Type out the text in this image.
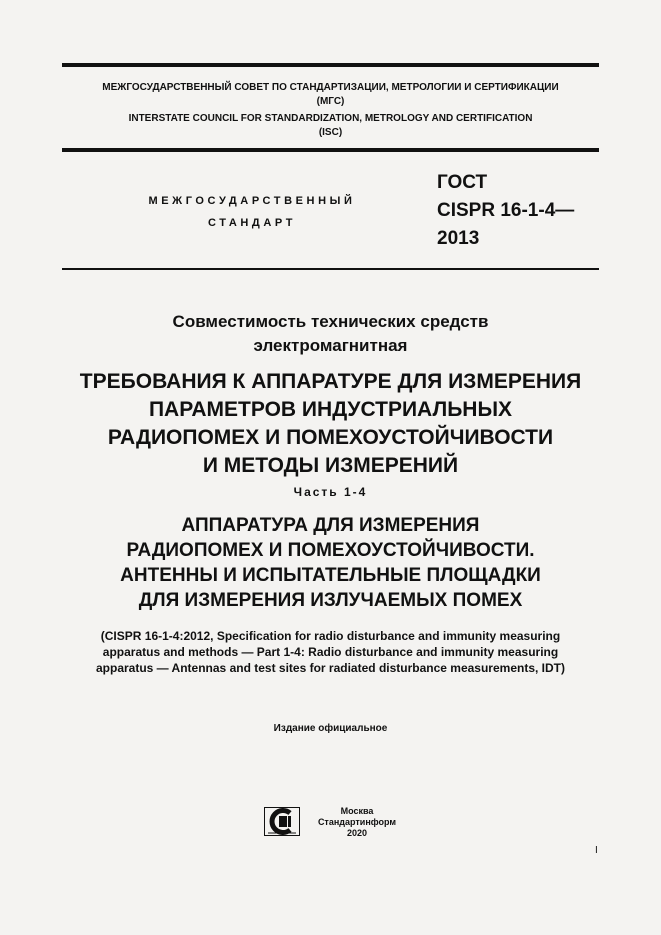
МЕЖГОСУДАРСТВЕННЫЙ СОВЕТ ПО СТАНДАРТИЗАЦИИ, МЕТРОЛОГИИ И СЕРТИФИКАЦИИ
(МГС)
INTERSTATE COUNCIL FOR STANDARDIZATION, METROLOGY AND CERTIFICATION
(ISC)
МЕЖГОСУДАРСТВЕННЫЙ
СТАНДАРТ
ГОСТ
CISPR 16-1-4—
2013
Совместимость технических средств
электромагнитная
ТРЕБОВАНИЯ К АППАРАТУРЕ ДЛЯ ИЗМЕРЕНИЯ
ПАРАМЕТРОВ ИНДУСТРИАЛЬНЫХ
РАДИОПОМЕХ И ПОМЕХОУСТОЙЧИВОСТИ
И МЕТОДЫ ИЗМЕРЕНИЙ
Часть 1-4
АППАРАТУРА ДЛЯ ИЗМЕРЕНИЯ
РАДИОПОМЕХ И ПОМЕХОУСТОЙЧИВОСТИ.
АНТЕННЫ И ИСПЫТАТЕЛЬНЫЕ ПЛОЩАДКИ
ДЛЯ ИЗМЕРЕНИЯ ИЗЛУЧАЕМЫХ ПОМЕХ
(CISPR 16-1-4:2012, Specification for radio disturbance and immunity measuring
apparatus and methods — Part 1-4: Radio disturbance and immunity measuring
apparatus — Antennas and test sites for radiated disturbance measurements, IDT)
Издание официальное
Москва
Стандартинформ
2020
I
